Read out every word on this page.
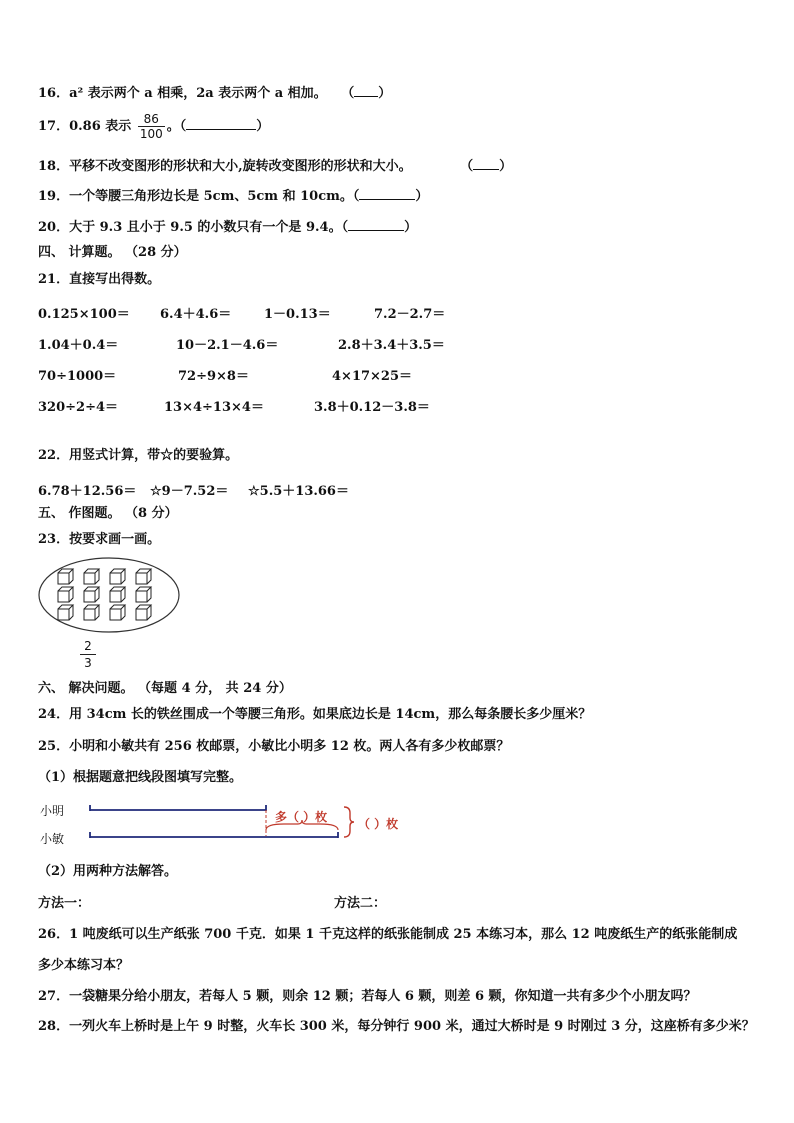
16．a² 表示两个 a 相乘，2a 表示两个 a 相加。 （ ）
17．0.86 表示 $\frac{86}{100}$ 。（	）
18．平移不改变图形的形状和大小,旋转改变图形的形状和大小。	（ ）
19．一个等腰三角形边长是 5cm、5cm 和 10cm。（	）
20．大于 9.3 且小于 9.5 的小数只有一个是 9.4。（	）
四、 计算题。 （28 分）
21．直接写出得数。
0.125×100＝ 6.4＋4.6＝	1－0.13＝	7.2－2.7＝
1.04＋0.4＝	10－2.1－4.6＝	2.8＋3.4＋3.5＝
70÷1000＝	72÷9×8＝	4×17×25＝
320÷2÷4＝	13×4÷13×4＝	3.8＋0.12－3.8＝
22．用竖式计算，带☆的要验算。
6.78＋12.56＝ ☆9－7.52＝ ☆5.5＋13.66＝
五、 作图题。 （8 分）
23．按要求画一画。
2
3
六、 解决问题。 （每题 4 分， 共 24 分）
24．用 34cm 长的铁丝围成一个等腰三角形。如果底边长是 14cm，那么每条腰长多少厘米？
25．小明和小敏共有 256 枚邮票，小敏比小明多 12 枚。两人各有多少枚邮票？
（1）根据题意把线段图填写完整。
小明
小敏
多（ ）枚	（ ）枚
（2）用两种方法解答。
方法一：	方法二：
26．1 吨废纸可以生产纸张 700 千克．如果 1 千克这样的纸张能制成 25 本练习本，那么 12 吨废纸生产的纸张能制成
多少本练习本？
27．一袋糖果分给小朋友，若每人 5 颗，则余 12 颗；若每人 6 颗，则差 6 颗，你知道一共有多少个小朋友吗？
28．一列火车上桥时是上午 9 时整，火车长 300 米，每分钟行 900 米，通过大桥时是 9 时刚过 3 分，这座桥有多少米？
